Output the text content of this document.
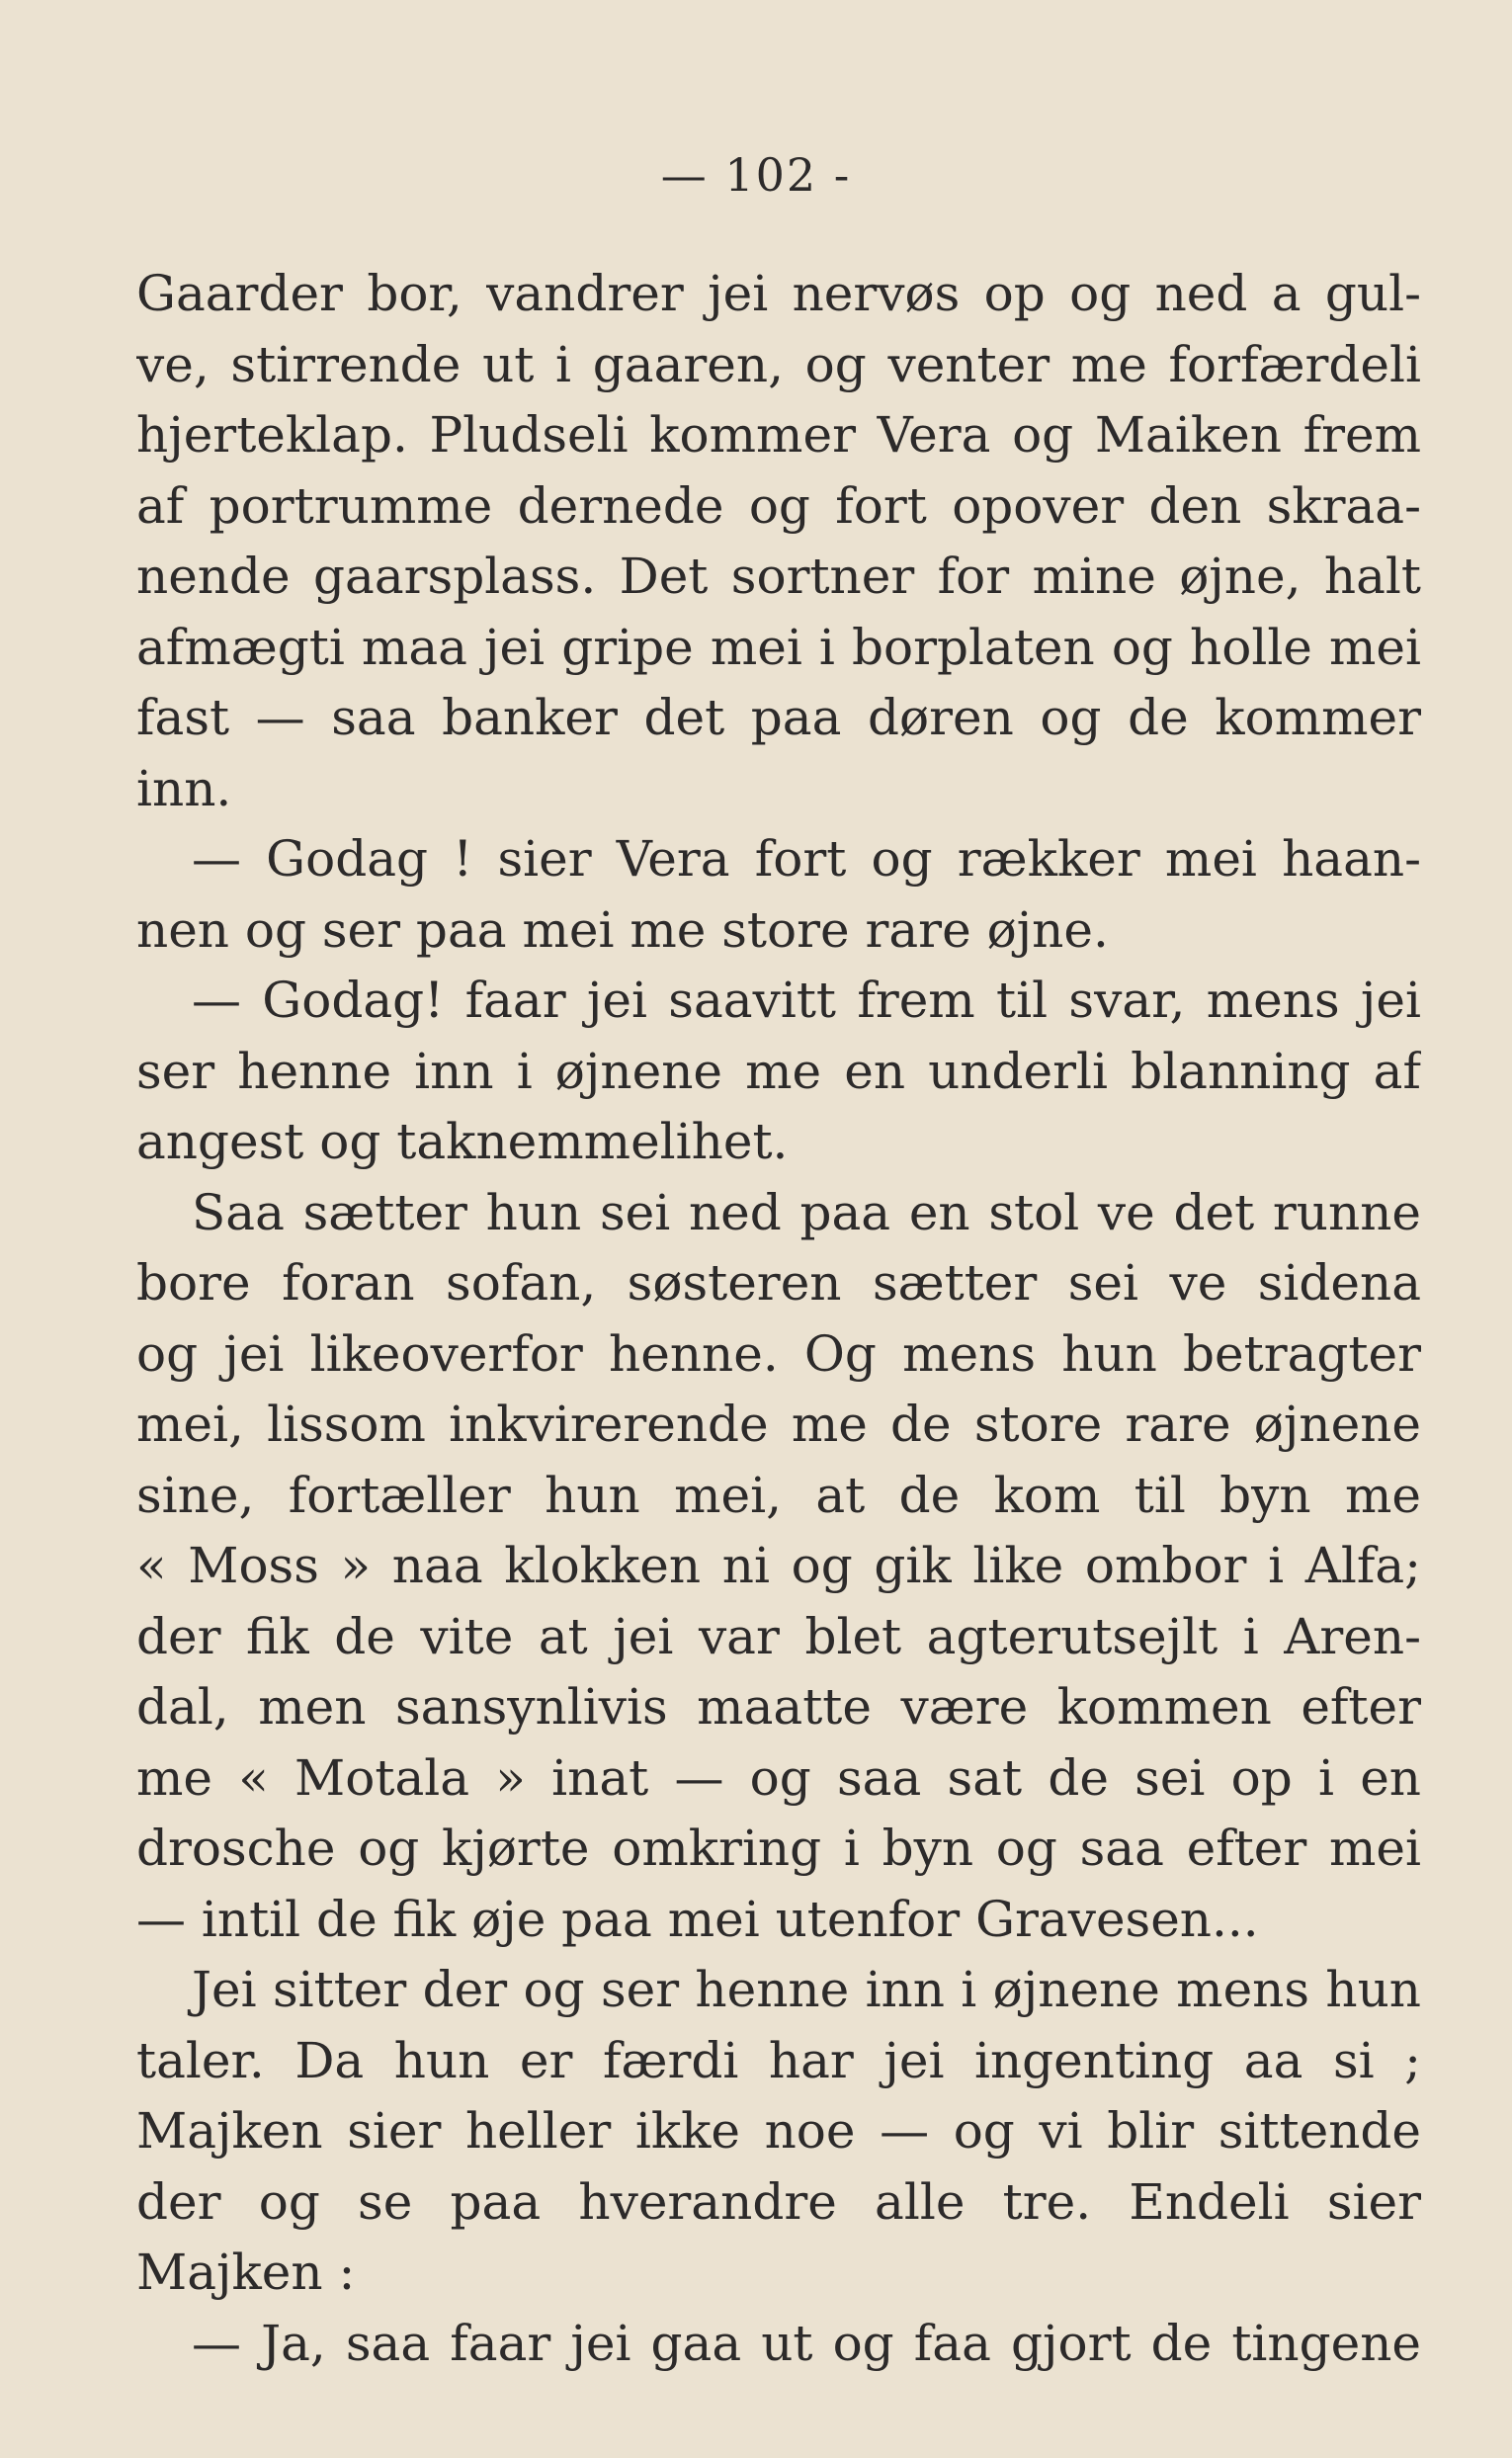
— 102 -
Gaarder bor, vandrer jei nervøs op og ned a gul-
ve, stirrende ut i gaaren, og venter me forfærdeli
hjerteklap. Pludseli kommer Vera og Maiken frem
af portrumme dernede og fort opover den skraa-
nende gaarsplass. Det sortner for mine øjne, halt
afmægti maa jei gripe mei i borplaten og holle mei
fast — saa banker det paa døren og de kommer
inn.
— Godag ! sier Vera fort og rækker mei haan-
nen og ser paa mei me store rare øjne.
— Godag! faar jei saavitt frem til svar, mens jei
ser henne inn i øjnene me en underli blanning af
angest og taknemmelihet.
Saa sætter hun sei ned paa en stol ve det runne
bore foran sofan, søsteren sætter sei ve sidena
og jei likeoverfor henne. Og mens hun betragter
mei, lissom inkvirerende me de store rare øjnene
sine, fortæller hun mei, at de kom til byn me
« Moss » naa klokken ni og gik like ombor i Alfa;
der fik de vite at jei var blet agterutsejlt i Aren-
dal, men sansynlivis maatte være kommen efter
me « Motala » inat — og saa sat de sei op i en
drosche og kjørte omkring i byn og saa efter mei
— intil de fik øje paa mei utenfor Gravesen...
Jei sitter der og ser henne inn i øjnene mens hun
taler. Da hun er færdi har jei ingenting aa si ;
Majken sier heller ikke noe — og vi blir sittende
der og se paa hverandre alle tre. Endeli sier
Majken :
— Ja, saa faar jei gaa ut og faa gjort de tingene
